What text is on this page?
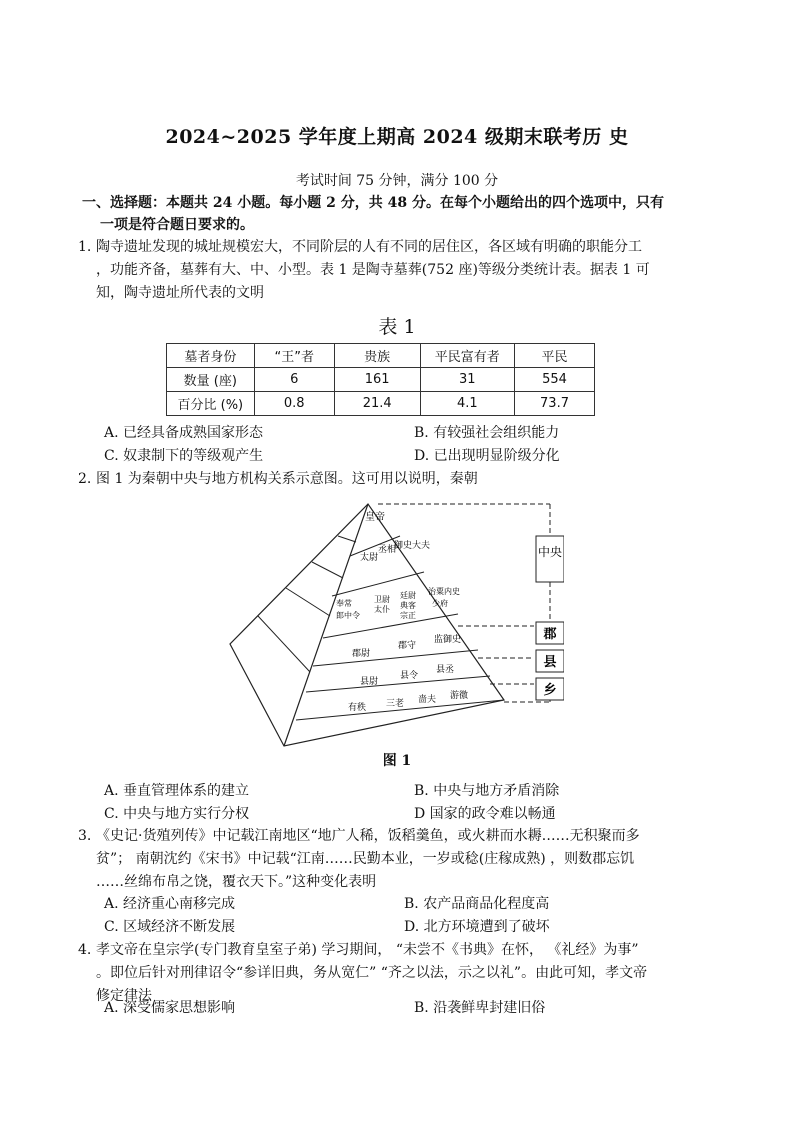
2024~2025 学年度上期高 2024 级期末联考历 史
考试时间 75 分钟，满分 100 分
一、选择题：本题共 24 小题。每小题 2 分，共 48 分。在每个小题给出的四个选项中，只有
一项是符合题日要求的。
1. 陶寺遗址发现的城址规模宏大，不同阶层的人有不同的居住区，各区域有明确的职能分工
，功能齐备，墓葬有大、中、小型。表 1 是陶寺墓葬(752 座)等级分类统计表。据表 1 可
知，陶寺遗址所代表的文明
表 1
墓者身份	“王”者	贵族	平民富有者	平民
数量 (座)	6	161	31	554
百分比 (%)	0.8	21.4	4.1	73.7
A. 已经具备成熟国家形态	B. 有较强社会组织能力
C. 奴隶制下的等级观产生	D. 已出现明显阶级分化
2. 图 1 为秦朝中央与地方机构关系示意图。这可用以说明，秦朝
皇帝
太尉
丞相
御史大夫
奉常
郎中令
卫尉
太仆
廷尉
典客
宗正
治粟内史
少府
郡尉
郡守
监御史
县尉
县令
县丞
有秩 三老 啬夫 游徼
中央
郡
县
乡
图 1
A. 垂直管理体系的建立	B. 中央与地方矛盾消除
C. 中央与地方实行分权	D 国家的政令难以畅通
3. 《史记·货殖列传》中记载江南地区“地广人稀，饭稻羹鱼，或火耕而水耨……无积聚而多
贫”； 南朝沈约《宋书》中记载“江南……民勤本业，一岁或稔(庄稼成熟) ，则数郡忘饥
……丝绵布帛之饶，覆衣天下。”这种变化表明
A. 经济重心南移完成	B. 农产品商品化程度高
C. 区域经济不断发展	D. 北方环境遭到了破坏
4. 孝文帝在皇宗学(专门教育皇室子弟) 学习期间， “未尝不《书典》在怀， 《礼经》为事”
。即位后针对刑律诏令“参详旧典，务从宽仁” “齐之以法，示之以礼”。由此可知，孝文帝
修定律法
A. 深受儒家思想影响	B. 沿袭鲜卑封建旧俗
